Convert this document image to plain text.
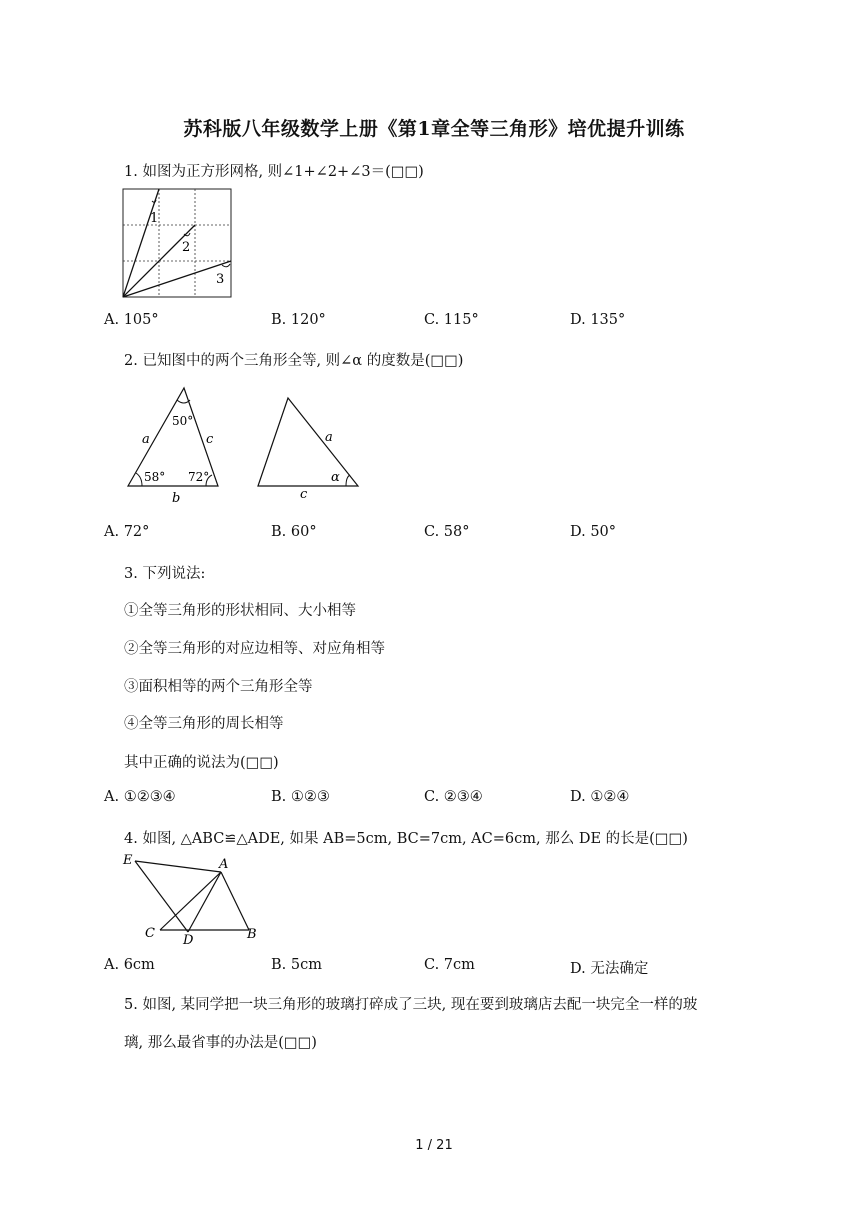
苏科版八年级数学上册《第1章全等三角形》培优提升训练
1. 如图为正方形网格, 则∠1+∠2+∠3＝(□□)
1
2
3
A. 105°	B. 120°	C. 115°	D. 135°
2. 已知图中的两个三角形全等, 则∠α 的度数是(□□)
50°
58° 72°
a	c
b
a
c
α
A. 72°	B. 60°	C. 58°	D. 50°
3. 下列说法:
①全等三角形的形状相同、大小相等
②全等三角形的对应边相等、对应角相等
③面积相等的两个三角形全等
④全等三角形的周长相等
其中正确的说法为(□□)
A. ①②③④	B. ①②③	C. ②③④	D. ①②④
4. 如图, △ABC≌△ADE, 如果 AB=5cm, BC=7cm, AC=6cm, 那么 DE 的长是(□□)
E	A
C D	B
A. 6cm	B. 5cm	C. 7cm	D. 无法确定
5. 如图, 某同学把一块三角形的玻璃打碎成了三块, 现在要到玻璃店去配一块完全一样的玻
璃, 那么最省事的办法是(□□)
1 / 21
